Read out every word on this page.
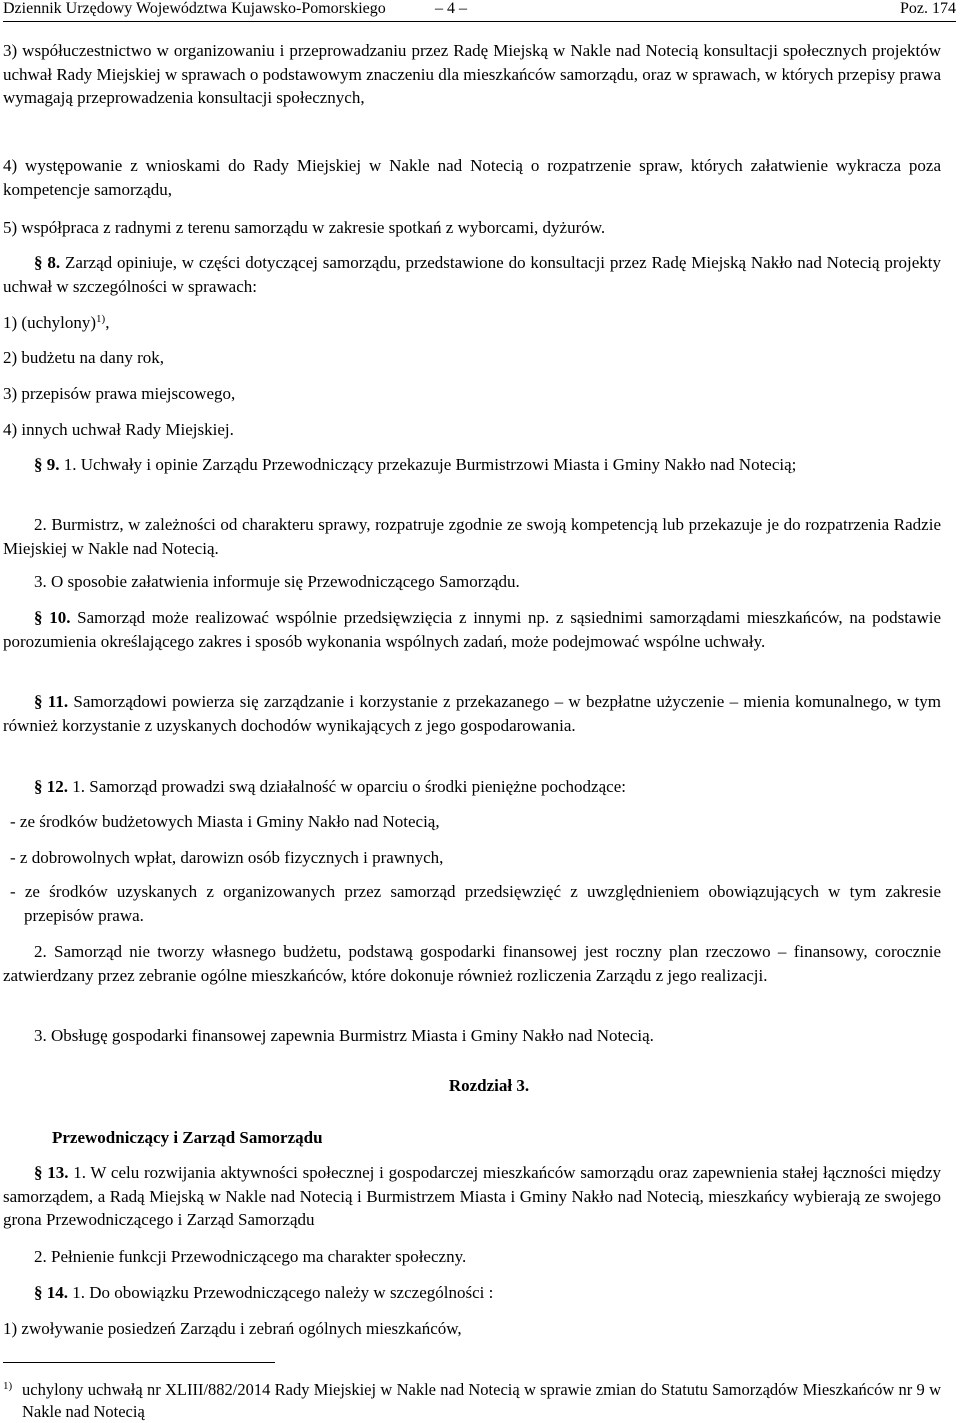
Dziennik Urzędowy Województwa Kujawsko-Pomorskiego	– 4 –	Poz. 174
3) współuczestnictwo w organizowaniu i przeprowadzaniu przez Radę Miejską w Nakle nad Notecią konsultacji społecznych projektów uchwał Rady Miejskiej w sprawach o podstawowym znaczeniu dla mieszkańców samorządu, oraz w sprawach, w których przepisy prawa wymagają przeprowadzenia konsultacji społecznych,
4) występowanie z wnioskami do Rady Miejskiej w Nakle nad Notecią o rozpatrzenie spraw, których załatwienie wykracza poza kompetencje samorządu,
5) współpraca z radnymi z terenu samorządu w zakresie spotkań z wyborcami, dyżurów.
§ 8. Zarząd opiniuje, w części dotyczącej samorządu, przedstawione do konsultacji przez Radę Miejską Nakło nad Notecią projekty uchwał w szczególności w sprawach:
1) (uchylony)$^{1)}$,
2) budżetu na dany rok,
3) przepisów prawa miejscowego,
4) innych uchwał Rady Miejskiej.
§ 9. 1. Uchwały i opinie Zarządu Przewodniczący przekazuje Burmistrzowi Miasta i Gminy Nakło nad Notecią;
2. Burmistrz, w zależności od charakteru sprawy, rozpatruje zgodnie ze swoją kompetencją lub przekazuje je do rozpatrzenia Radzie Miejskiej w Nakle nad Notecią.
3. O sposobie załatwienia informuje się Przewodniczącego Samorządu.
§ 10. Samorząd może realizować wspólnie przedsięwzięcia z innymi np. z sąsiednimi samorządami mieszkańców, na podstawie porozumienia określającego zakres i sposób wykonania wspólnych zadań, może podejmować wspólne uchwały.
§ 11. Samorządowi powierza się zarządzanie i korzystanie z przekazanego – w bezpłatne użyczenie – mienia komunalnego, w tym również korzystanie z uzyskanych dochodów wynikających z jego gospodarowania.
§ 12. 1. Samorząd prowadzi swą działalność w oparciu o środki pieniężne pochodzące:
- ze środków budżetowych Miasta i Gminy Nakło nad Notecią,
- z dobrowolnych wpłat, darowizn osób fizycznych i prawnych,
- ze środków uzyskanych z organizowanych przez samorząd przedsięwzięć z uwzględnieniem obowiązujących w tym zakresie przepisów prawa.
2. Samorząd nie tworzy własnego budżetu, podstawą gospodarki finansowej jest roczny plan rzeczowo – finansowy, corocznie zatwierdzany przez zebranie ogólne mieszkańców, które dokonuje również rozliczenia Zarządu z jego realizacji.
3. Obsługę gospodarki finansowej zapewnia Burmistrz Miasta i Gminy Nakło nad Notecią.
Rozdział 3.
Przewodniczący i Zarząd Samorządu
§ 13. 1. W celu rozwijania aktywności społecznej i gospodarczej mieszkańców samorządu oraz zapewnienia stałej łączności między samorządem, a Radą Miejską w Nakle nad Notecią i Burmistrzem Miasta i Gminy Nakło nad Notecią, mieszkańcy wybierają ze swojego grona Przewodniczącego i Zarząd Samorządu
2. Pełnienie funkcji Przewodniczącego ma charakter społeczny.
§ 14. 1. Do obowiązku Przewodniczącego należy w szczególności :
1) zwoływanie posiedzeń Zarządu i zebrań ogólnych mieszkańców,
1) uchylony uchwałą nr XLIII/882/2014 Rady Miejskiej w Nakle nad Notecią w sprawie zmian do Statutu Samorządów Mieszkańców nr 9 w Nakle nad Notecią
